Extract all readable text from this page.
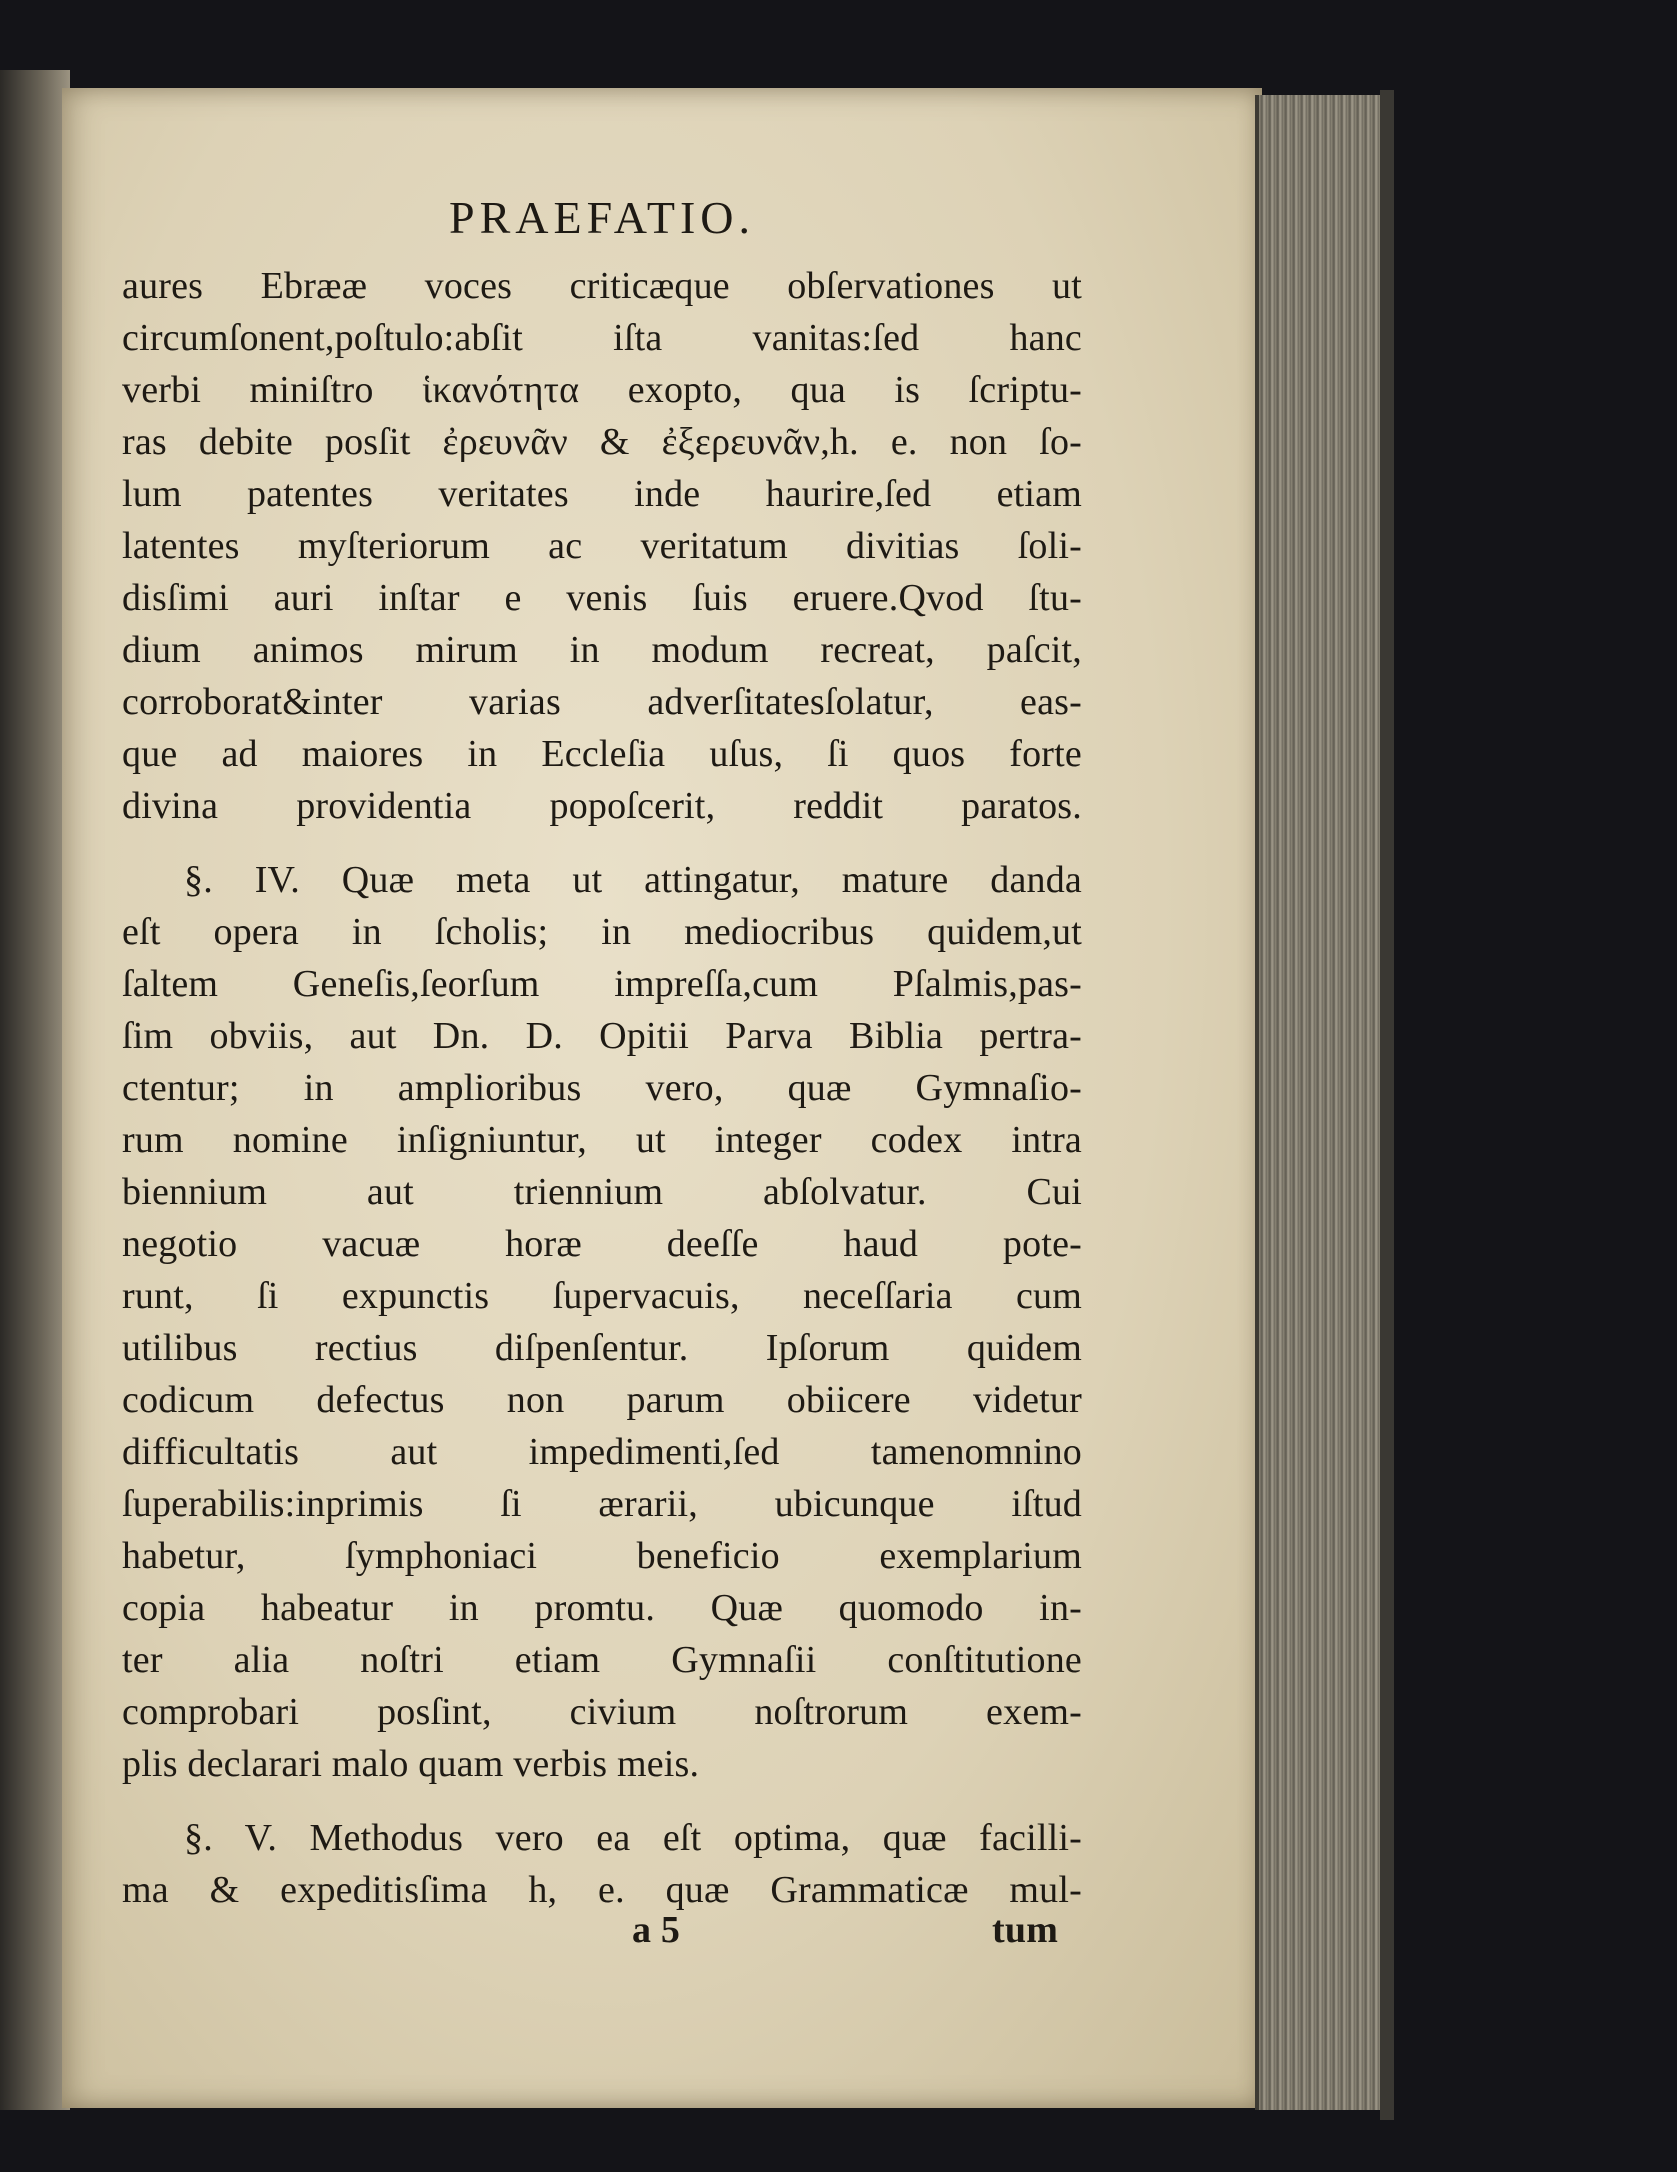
PRAEFATIO.
aures Ebrææ voces criticæque obſervationes ut
circumſonent,poſtulo:abſit iſta vanitas:ſed hanc
verbi miniſtro ἱκανότητα exopto, qua is ſcriptu-
ras debite posſit ἐρευνᾶν & ἐξερευνᾶν,h. e. non ſo-
lum patentes veritates inde haurire,ſed etiam
latentes myſteriorum ac veritatum divitias ſoli-
disſimi auri inſtar e venis ſuis eruere.Qvod ſtu-
dium animos mirum in modum recreat, paſcit,
corroborat&inter varias adverſitatesſolatur, eas-
que ad maiores in Eccleſia uſus, ſi quos forte
divina providentia popoſcerit, reddit paratos.
§. IV. Quæ meta ut attingatur, mature danda
eſt opera in ſcholis; in mediocribus quidem,ut
ſaltem Geneſis,ſeorſum impreſſa,cum Pſalmis,pas-
ſim obviis, aut Dn. D. Opitii Parva Biblia pertra-
ctentur; in amplioribus vero, quæ Gymnaſio-
rum nomine inſigniuntur, ut integer codex intra
biennium aut triennium abſolvatur. Cui
negotio vacuæ horæ deeſſe haud pote-
runt, ſi expunctis ſupervacuis, neceſſaria cum
utilibus rectius diſpenſentur. Ipſorum quidem
codicum defectus non parum obiicere videtur
difficultatis aut impedimenti,ſed tamenomnino
ſuperabilis:inprimis ſi ærarii, ubicunque iſtud
habetur, ſymphoniaci beneficio exemplarium
copia habeatur in promtu. Quæ quomodo in-
ter alia noſtri etiam Gymnaſii conſtitutione
comprobari posſint, civium noſtrorum exem-
plis declarari malo quam verbis meis.
§. V. Methodus vero ea eſt optima, quæ facilli-
ma & expeditisſima h, e. quæ Grammaticæ mul-
a 5	tum
